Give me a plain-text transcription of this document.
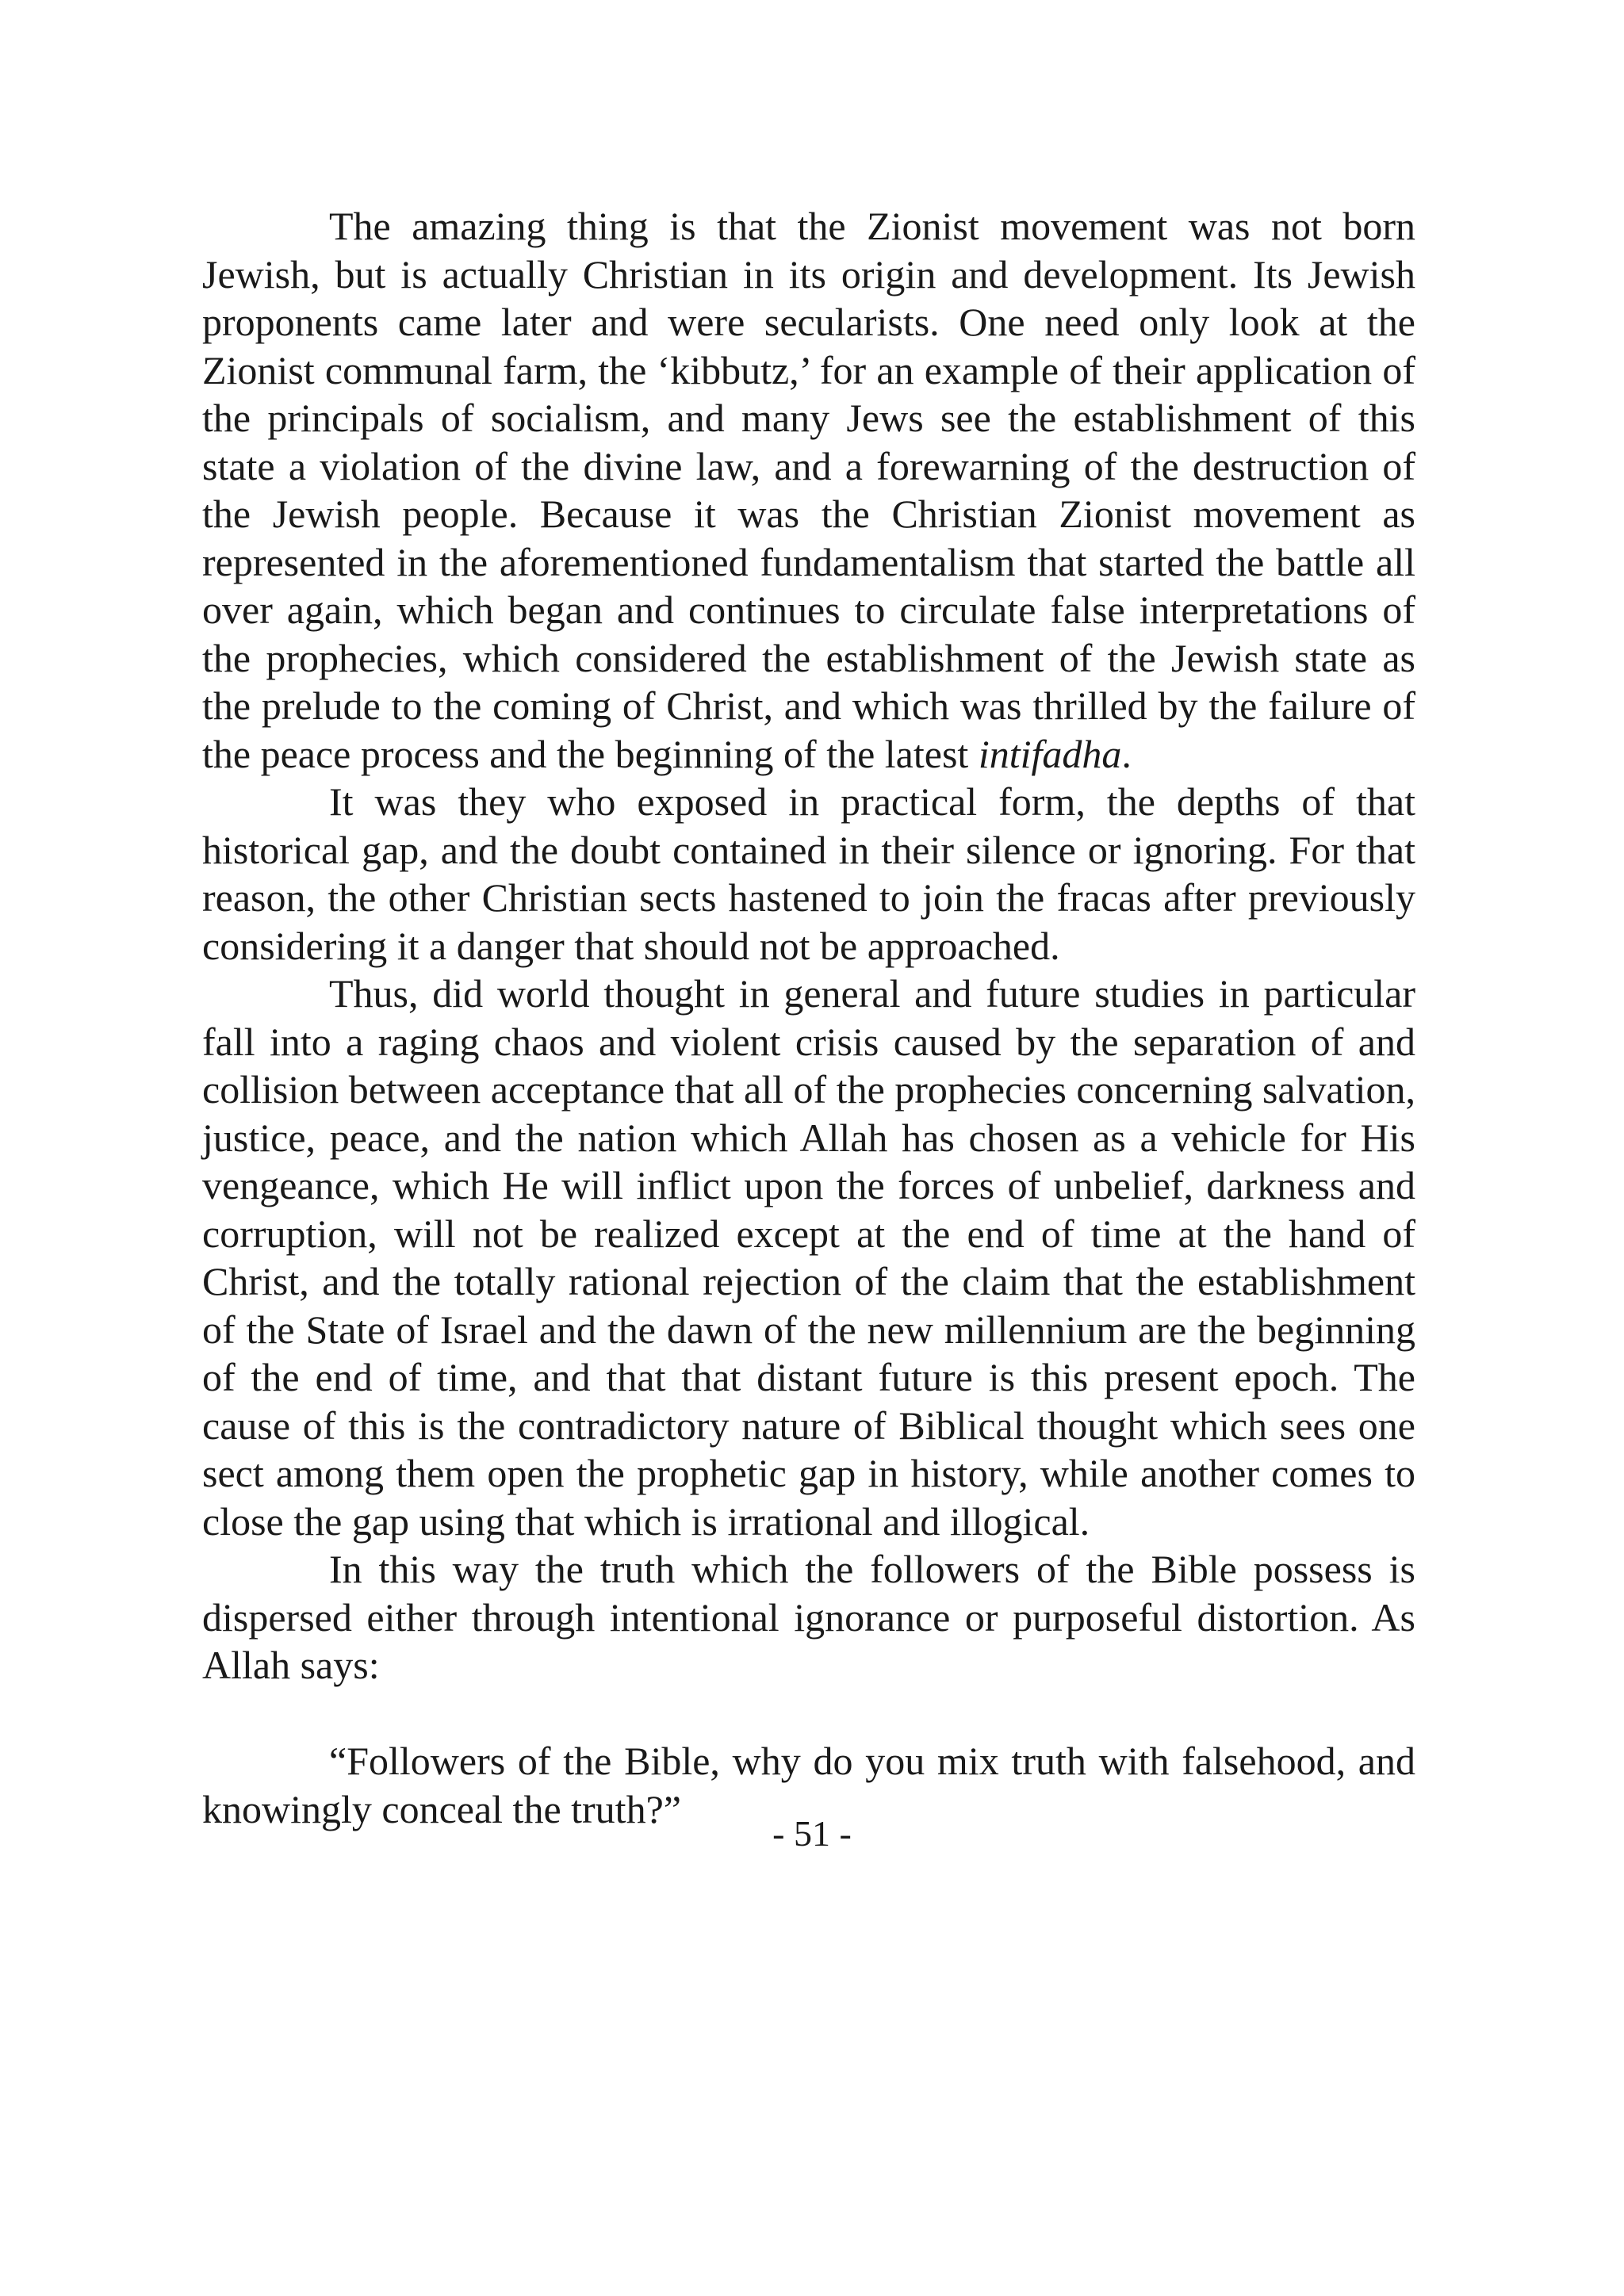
The amazing thing is that the Zionist movement was not born Jewish, but is actually Christian in its origin and development. Its Jewish proponents came later and were secularists. One need only look at the Zionist communal farm, the ‘kibbutz,’ for an example of their application of the principals of socialism, and many Jews see the establishment of this state a violation of the divine law, and a forewarning of the destruction of the Jewish people. Because it was the Christian Zionist movement as represented in the aforementioned fundamentalism that started the battle all over again, which began and continues to circulate false interpretations of the prophecies, which considered the establishment of the Jewish state as the prelude to the coming of Christ, and which was thrilled by the failure of the peace process and the beginning of the latest intifadha.

It was they who exposed in practical form, the depths of that historical gap, and the doubt contained in their silence or ignoring. For that reason, the other Christian sects hastened to join the fracas after previously considering it a danger that should not be approached.

Thus, did world thought in general and future studies in particular fall into a raging chaos and violent crisis caused by the separation of and collision between acceptance that all of the prophecies concerning salvation, justice, peace, and the nation which Allah has chosen as a vehicle for His vengeance, which He will inflict upon the forces of unbelief, darkness and corruption, will not be realized except at the end of time at the hand of Christ, and the totally rational rejection of the claim that the establishment of the State of Israel and the dawn of the new millennium are the beginning of the end of time, and that that distant future is this present epoch. The cause of this is the contradictory nature of Biblical thought which sees one sect among them open the prophetic gap in history, while another comes to close the gap using that which is irrational and illogical.

In this way the truth which the followers of the Bible possess is dispersed either through intentional ignorance or purposeful distortion. As Allah says:

“Followers of the Bible, why do you mix truth with falsehood, and knowingly conceal the truth?”

- 51 -
